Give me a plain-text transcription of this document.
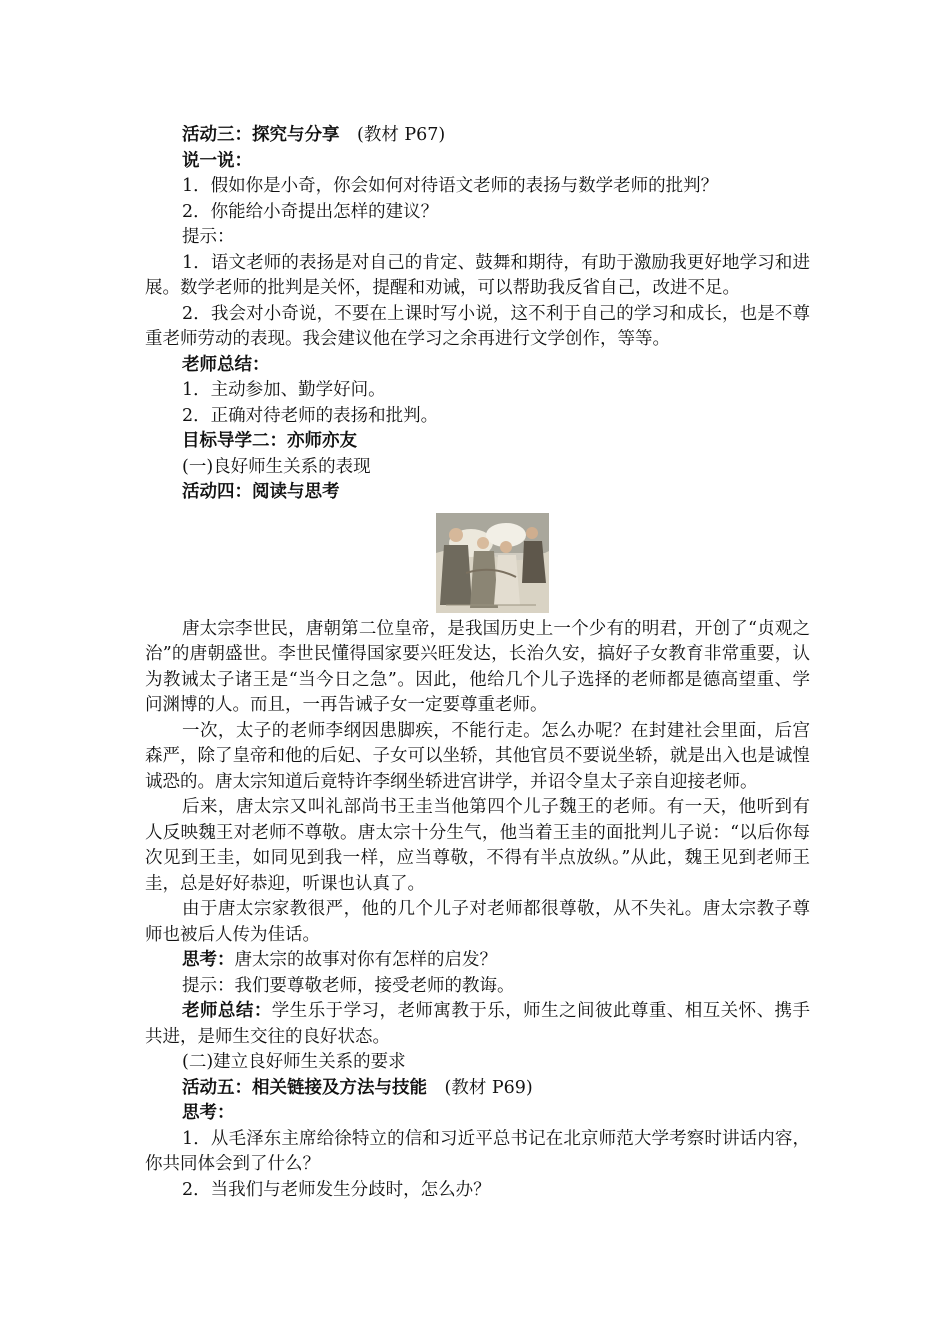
活动三：探究与分享　(教材 P67)

说一说：

1．假如你是小奇，你会如何对待语文老师的表扬与数学老师的批判？

2．你能给小奇提出怎样的建议？

提示：

1．语文老师的表扬是对自己的肯定、鼓舞和期待，有助于激励我更好地学习和进展。数学老师的批判是关怀，提醒和劝诫，可以帮助我反省自己，改进不足。

2．我会对小奇说，不要在上课时写小说，这不利于自己的学习和成长，也是不尊重老师劳动的表现。我会建议他在学习之余再进行文学创作，等等。

老师总结：

1．主动参加、勤学好问。

2．正确对待老师的表扬和批判。

目标导学二：亦师亦友

(一)良好师生关系的表现

活动四：阅读与思考

唐太宗李世民，唐朝第二位皇帝，是我国历史上一个少有的明君，开创了“贞观之治”的唐朝盛世。李世民懂得国家要兴旺发达，长治久安，搞好子女教育非常重要，认为教诫太子诸王是“当今日之急”。因此，他给几个儿子选择的老师都是德高望重、学问渊博的人。而且，一再告诫子女一定要尊重老师。

一次，太子的老师李纲因患脚疾，不能行走。怎么办呢？在封建社会里面，后宫森严，除了皇帝和他的后妃、子女可以坐轿，其他官员不要说坐轿，就是出入也是诚惶诚恐的。唐太宗知道后竟特许李纲坐轿进宫讲学，并诏令皇太子亲自迎接老师。

后来，唐太宗又叫礼部尚书王圭当他第四个儿子魏王的老师。有一天，他听到有人反映魏王对老师不尊敬。唐太宗十分生气，他当着王圭的面批判儿子说：“以后你每次见到王圭，如同见到我一样，应当尊敬，不得有半点放纵。”从此，魏王见到老师王圭，总是好好恭迎，听课也认真了。

由于唐太宗家教很严，他的几个儿子对老师都很尊敬，从不失礼。唐太宗教子尊师也被后人传为佳话。

思考：唐太宗的故事对你有怎样的启发？

提示：我们要尊敬老师，接受老师的教诲。

老师总结：学生乐于学习，老师寓教于乐，师生之间彼此尊重、相互关怀、携手共进，是师生交往的良好状态。

(二)建立良好师生关系的要求

活动五：相关链接及方法与技能　(教材 P69)

思考：

1．从毛泽东主席给徐特立的信和习近平总书记在北京师范大学考察时讲话内容，你共同体会到了什么？

2．当我们与老师发生分歧时，怎么办？
